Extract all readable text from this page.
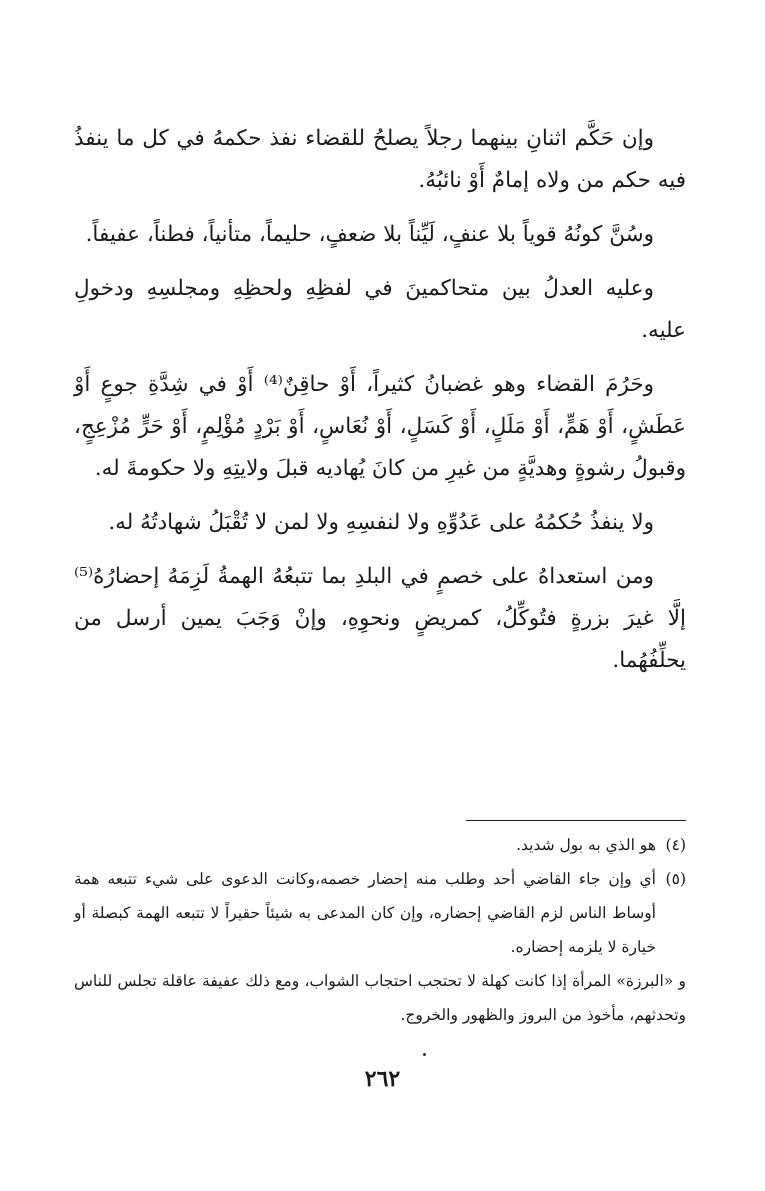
وإن حَكَّم اثنانِ بينهما رجلاً يصلحُ للقضاء نفذ حكمهُ في كل ما ينفذُ فيه حكم من ولاه إمامٌ أَوْ نائبُهُ.

وسُنَّ كونُهُ قوياً بلا عنفٍ، لَيِّناً بلا ضعفٍ، حليماً، متأنياً، فطناً، عفيفاً.

وعليه العدلُ بين متحاكمينَ في لفظِهِ ولحظِهِ ومجلسِهِ ودخولِ عليه.

وحَرُمَ القضاء وهو غضبانُ كثيراً، أَوْ حاقِنٌ⁽⁴⁾ أَوْ في شِدَّةِ جوعٍ أَوْ عَطَشٍ، أَوْ هَمٍّ، أَوْ مَلَلٍ، أَوْ كَسَلٍ، أَوْ نُعَاسٍ، أَوْ بَرْدٍ مُؤْلِمٍ، أَوْ حَرٍّ مُزْعِجٍ، وقبولُ رشوةٍ وهديَّةٍ من غيرِ من كانَ يُهاديه قبلَ ولايتِهِ ولا حكومةَ له.

ولا ينفذُ حُكمُهُ على عَدُوِّهِ ولا لنفسِهِ ولا لمن لا تُقْبَلُ شهادتُهُ له.

ومن استعداهُ على خصمٍ في البلدِ بما تتبعُهُ الهمةُ لَزِمَهُ إحضارُهُ⁽⁵⁾ إلَّا غيرَ بزرةٍ فتُوكِّلُ، كمريضٍ ونحوِهِ، وإنْ وَجَبَ يمين أرسل من يحلِّفُهُما.

(٤)
هو الذي به بول شديد.
(٥)
أي وإن جاء القاضي أحد وطلب منه إحضار خصمه،وكانت الدعوى على شيء تتبعه همة أوساط الناس لزم القاضي إحضاره، وإن كان المدعى به شيئاً حقيراً لا تتبعه الهمة كبصلة أو خيارة لا يلزمه إحضاره.
و «البرزة» المرأة إذا كانت كهلة لا تحتجب احتجاب الشواب، ومع ذلك عفيفة عاقلة تجلس للناس وتحدثهم، مأخوذ من البروز والظهور والخروج.
٢٦٢
